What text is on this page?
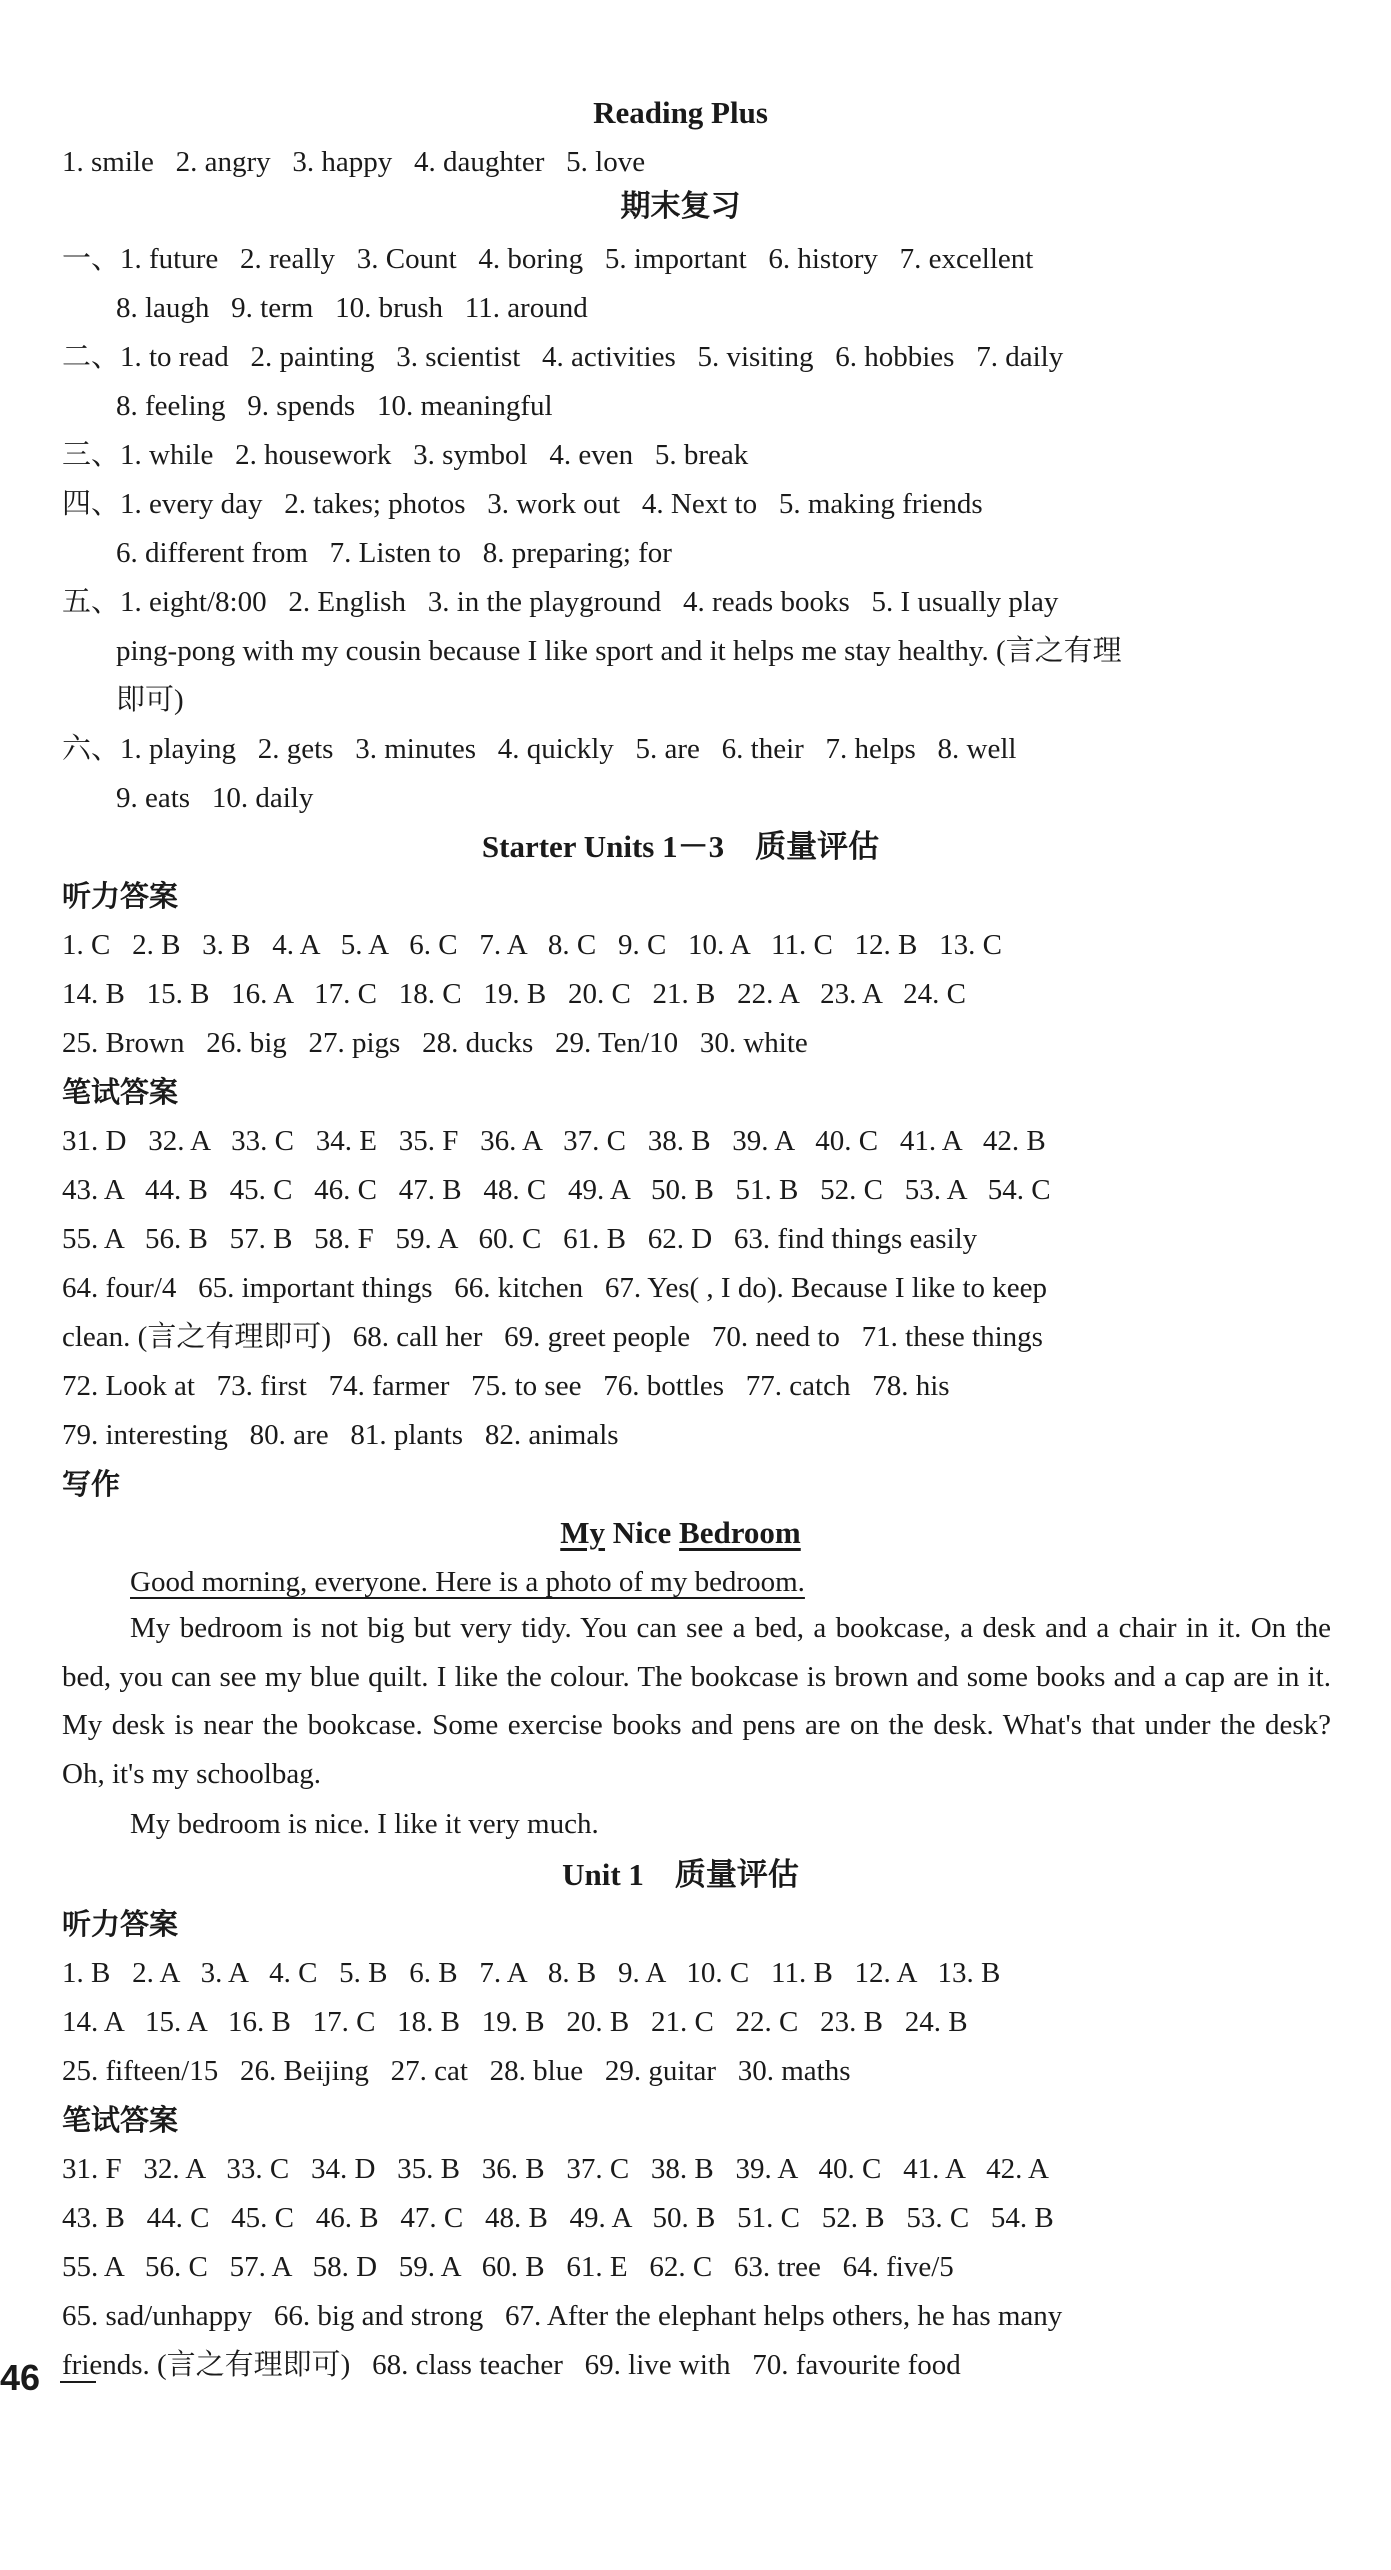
Reading Plus
1. smile   2. angry   3. happy   4. daughter   5. love
期末复习
一、1. future   2. really   3. Count   4. boring   5. important   6. history   7. excellent
8. laugh   9. term   10. brush   11. around
二、1. to read   2. painting   3. scientist   4. activities   5. visiting   6. hobbies   7. daily
8. feeling   9. spends   10. meaningful
三、1. while   2. housework   3. symbol   4. even   5. break
四、1. every day   2. takes; photos   3. work out   4. Next to   5. making friends
6. different from   7. Listen to   8. preparing; for
五、1. eight/8:00   2. English   3. in the playground   4. reads books   5. I usually play
ping-pong with my cousin because I like sport and it helps me stay healthy. (言之有理
即可)
六、1. playing   2. gets   3. minutes   4. quickly   5. are   6. their   7. helps   8. well
9. eats   10. daily
Starter Units 1－3　质量评估
听力答案
1. C   2. B   3. B   4. A   5. A   6. C   7. A   8. C   9. C   10. A   11. C   12. B   13. C
14. B   15. B   16. A   17. C   18. C   19. B   20. C   21. B   22. A   23. A   24. C
25. Brown   26. big   27. pigs   28. ducks   29. Ten/10   30. white
笔试答案
31. D   32. A   33. C   34. E   35. F   36. A   37. C   38. B   39. A   40. C   41. A   42. B
43. A   44. B   45. C   46. C   47. B   48. C   49. A   50. B   51. B   52. C   53. A   54. C
55. A   56. B   57. B   58. F   59. A   60. C   61. B   62. D   63. find things easily
64. four/4   65. important things   66. kitchen   67. Yes( , I do). Because I like to keep
clean. (言之有理即可)   68. call her   69. greet people   70. need to   71. these things
72. Look at   73. first   74. farmer   75. to see   76. bottles   77. catch   78. his
79. interesting   80. are   81. plants   82. animals
写作
My Nice Bedroom
Good morning, everyone. Here is a photo of my bedroom.
My bedroom is not big but very tidy. You can see a bed, a bookcase, a desk and a chair in it. On the bed, you can see my blue quilt. I like the colour. The bookcase is brown and some books and a cap are in it. My desk is near the bookcase. Some exercise books and pens are on the desk. What's that under the desk? Oh, it's my schoolbag.
My bedroom is nice. I like it very much.
Unit 1　质量评估
听力答案
1. B   2. A   3. A   4. C   5. B   6. B   7. A   8. B   9. A   10. C   11. B   12. A   13. B
14. A   15. A   16. B   17. C   18. B   19. B   20. B   21. C   22. C   23. B   24. B
25. fifteen/15   26. Beijing   27. cat   28. blue   29. guitar   30. maths
笔试答案
31. F   32. A   33. C   34. D   35. B   36. B   37. C   38. B   39. A   40. C   41. A   42. A
43. B   44. C   45. C   46. B   47. C   48. B   49. A   50. B   51. C   52. B   53. C   54. B
55. A   56. C   57. A   58. D   59. A   60. B   61. E   62. C   63. tree   64. five/5
65. sad/unhappy   66. big and strong   67. After the elephant helps others, he has many
friends. (言之有理即可)   68. class teacher   69. live with   70. favourite food
46
